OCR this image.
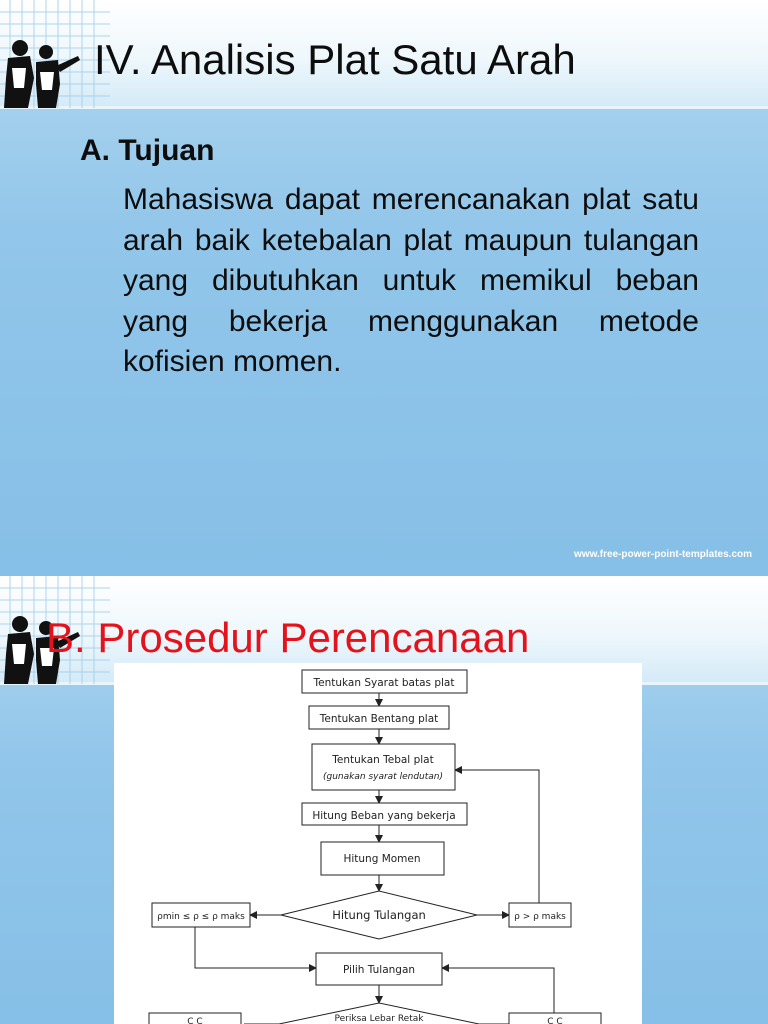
IV. Analisis Plat Satu Arah
A. Tujuan
Mahasiswa dapat merencanakan plat satu arah baik ketebalan plat maupun tulangan yang dibutuhkan untuk memikul beban yang bekerja menggunakan metode kofisien momen.
www.free-power-point-templates.com
B. Prosedur Perencanaan
Tentukan Syarat batas plat
Tentukan Bentang plat
Tentukan Tebal plat
(gunakan syarat lendutan)
Hitung Beban yang bekerja
Hitung Momen
Hitung Tulangan
ρmin ≤ ρ ≤ ρ maks	ρ > ρ maks
Pilih Tulangan
Periksa Lebar Retak
C C	C C
